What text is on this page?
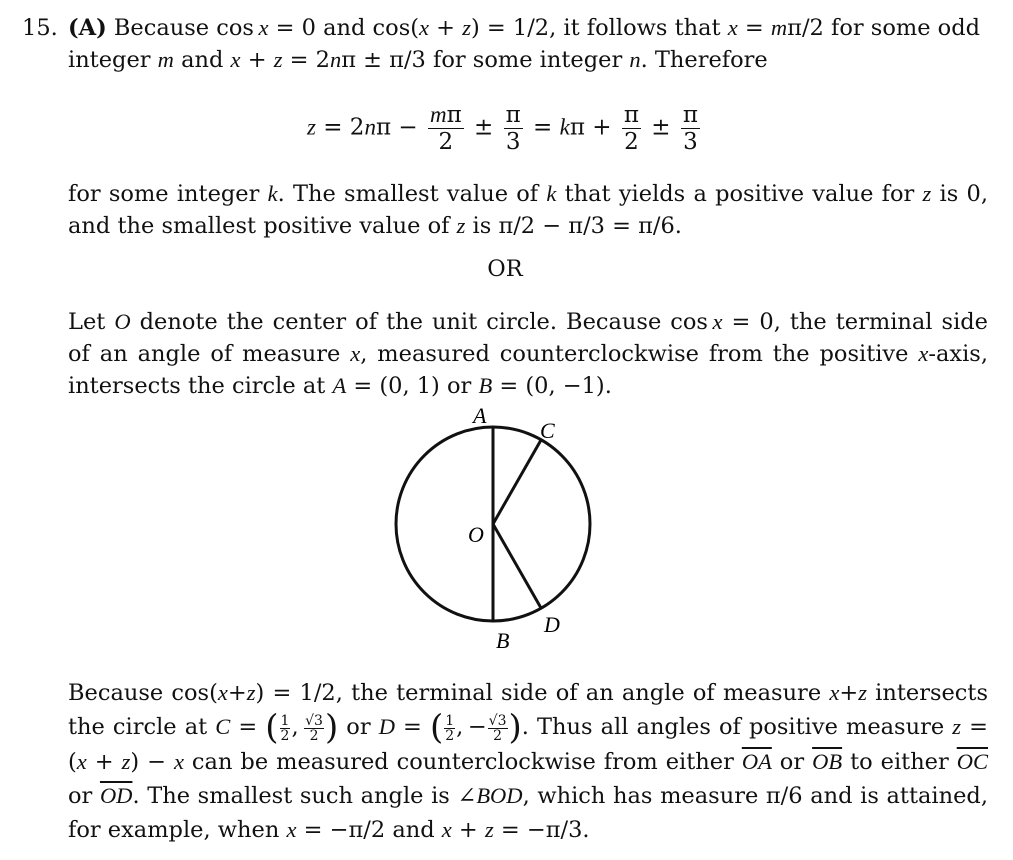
15. (A) Because cos x = 0 and cos(x + z) = 1/2, it follows that x = mπ/2 for some odd integer m and x + z = 2nπ ± π/3 for some integer n. Therefore

$z = 2n\pi - \frac{m\pi}{2} \pm \frac{\pi}{3} = k\pi + \frac{\pi}{2} \pm \frac{\pi}{3}$

for some integer k. The smallest value of k that yields a positive value for z is 0, and the smallest positive value of z is π/2 − π/3 = π/6.

OR

Let O denote the center of the unit circle. Because cos x = 0, the terminal side of an angle of measure x, measured counterclockwise from the positive x-axis, intersects the circle at A = (0, 1) or B = (0, −1).

Because cos(x+z) = 1/2, the terminal side of an angle of measure x+z intersects the circle at C = ( $\frac{1}{2}$ ,  $\frac{√3}{2}$ ) or D = ( $\frac{1}{2}$ , − $\frac{√3}{2}$ ). Thus all angles of positive measure z = (x + z) − x can be measured counterclockwise from either $\overline{OA}$ or $\overline{OB}$ to either $\overline{OC}$ or $\overline{OD}$. The smallest such angle is ∠BOD, which has measure π/6 and is attained, for example, when x = −π/2 and x + z = −π/3.

A
C
O
D
B
